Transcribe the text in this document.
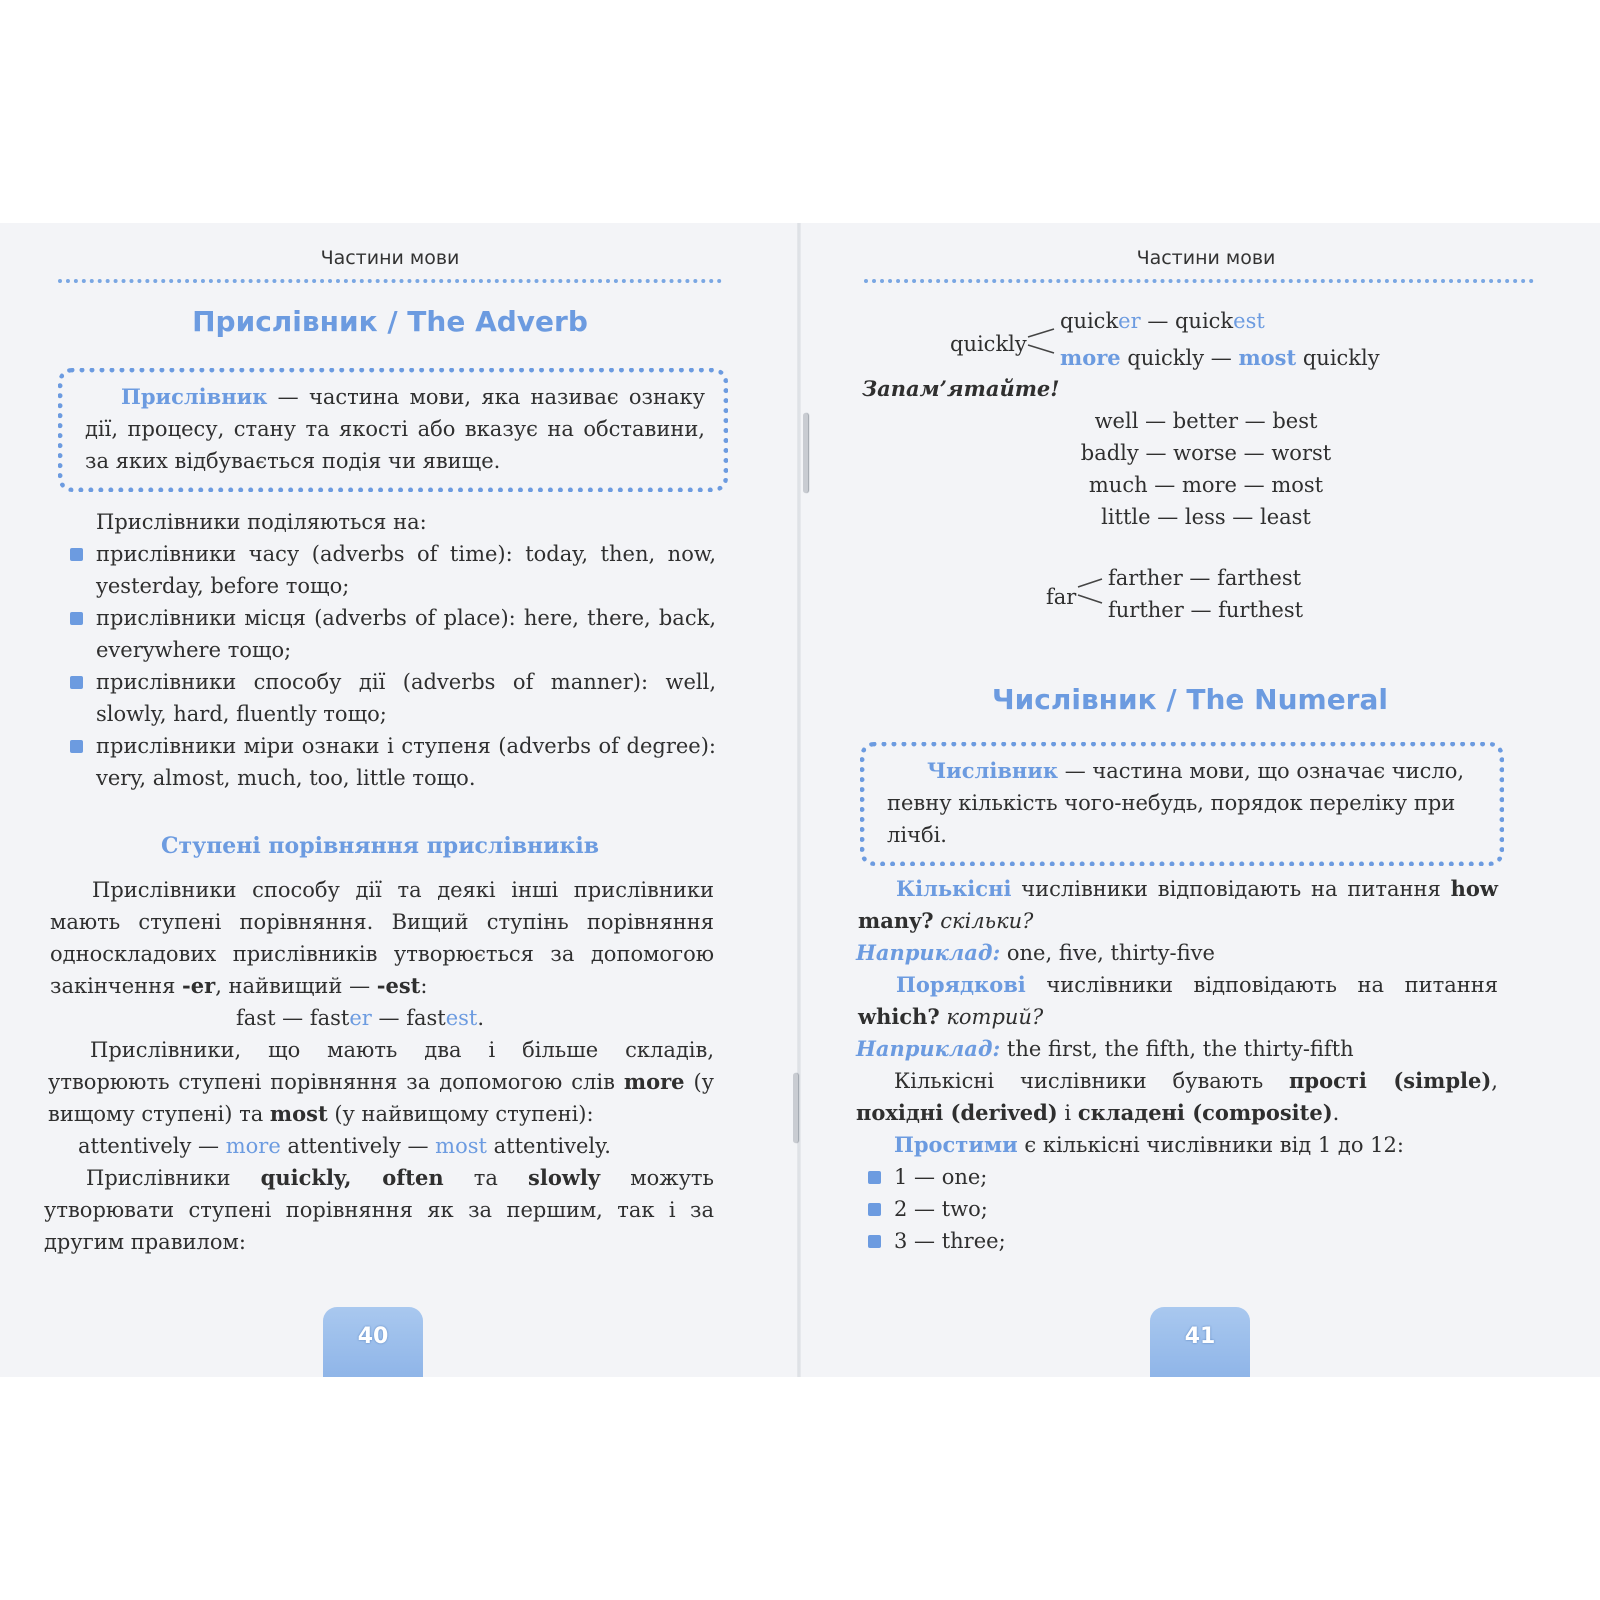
Частини мови
Прислівник / The Adverb
Прислівник — частина мови, яка називає ознаку дії, процесу, стану та якості або вказує на обставини, за яких відбувається подія чи явище.
Прислівники поділяються на:
прислівники часу (adverbs of time): today, then, now, yesterday, before тощо;
прислівники місця (adverbs of place): here, there, back, everywhere тощо;
прислівники способу дії (adverbs of manner): well, slowly, hard, fluently тощо;
прислівники міри ознаки і ступеня (adverbs of degree): very, almost, much, too, little тощо.
Ступені порівняння прислівників
Прислівники способу дії та деякі інші прислівники мають ступені порівняння. Вищий ступінь порівняння односкладових прислівників утворюється за допомогою закінчення -er, найвищий — -est:
fast — faster — fastest.
Прислівники, що мають два і більше складів, утворюють ступені порівняння за допомогою слів more (у вищому ступені) та most (у найвищому ступені):
attentively — more attentively — most attentively.
Прислівники quickly, often та slowly можуть утворювати ступені порівняння як за першим, так і за другим правилом:
40
Частини мови
quickly
quicker — quickest
more quickly — most quickly
Запам’ятайте!
well — better — best
badly — worse — worst
much — more — most
little — less — least
far
farther — farthest
further — furthest
Числівник / The Numeral
Числівник — частина мови, що означає число, певну кількість чого-небудь, порядок переліку при лічбі.
Кількісні числівники відповідають на питання how many? скільки?
Наприклад: one, five, thirty-five
Порядкові числівники відповідають на питання which? котрий?
Наприклад: the first, the fifth, the thirty-fifth
Кількісні числівники бувають прості (simple), похідні (derived) і складені (composite).
Простими є кількісні числівники від 1 до 12:
1 — one;
2 — two;
3 — three;
41
